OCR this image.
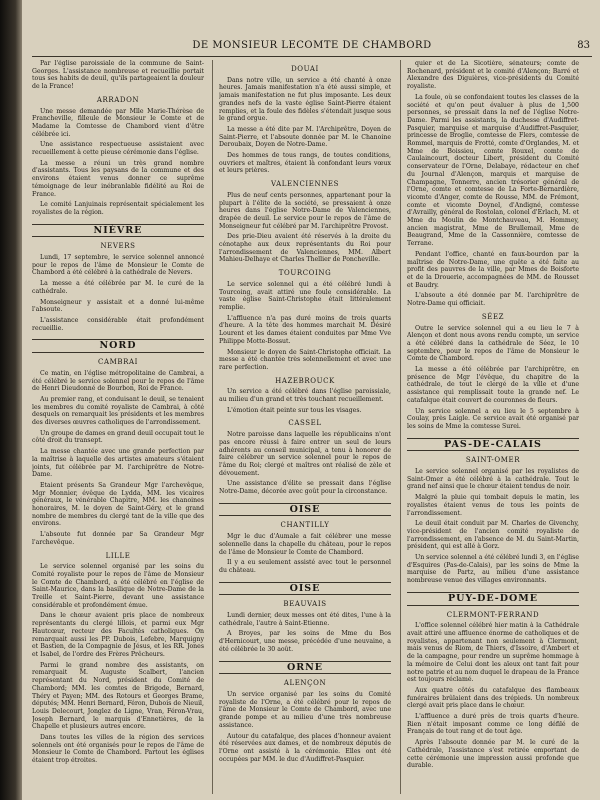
DE MONSIEUR LECOMTE DE CHAMBORD	83
Par l'église paroissiale de la commune de Saint-Georges. L'assistance nombreuse et recueillie portait tous ses habits de deuil, qu'ils partageaient la douleur de la France!
ARRADON
Une messe demandée par Mlle Marie-Thérèse de Francheville, filleule de Monsieur le Comte et de Madame la Comtesse de Chambord vient d'être célébrée ici.
Une assistance respectueuse assistaient avec recueillement à cette pieuse cérémonie dans l'église.
La messe a réuni un très grand nombre d'assistants. Tous les paysans de la commune et des environs étaient venus donner ce suprême témoignage de leur inébranlable fidélité au Roi de France.
Le comité Lanjuinais représentait spécialement les royalistes de la région.
NIÈVRE
NEVERS
Lundi, 17 septembre, le service solennel annoncé pour le repos de l'âme de Monsieur le Comte de Chambord a été célébré à la cathédrale de Nevers.
La messe a été célébrée par M. le curé de la cathédrale.
Monseigneur y assistait et a donné lui-même l'absoute.
L'assistance considérable était profondément recueillie.
NORD
CAMBRAI
Ce matin, en l'église métropolitaine de Cambrai, a été célébré le service solennel pour le repos de l'âme de Henri Dieudonné de Bourbon, Roi de France.
Au premier rang, et conduisant le deuil, se tenaient les membres du comité royaliste de Cambrai, à côté desquels on remarquait les présidents et les membres des diverses œuvres catholiques de l'arrondissement.
Un groupe de dames en grand deuil occupait tout le côté droit du transept.
La messe chantée avec une grande perfection par la maîtrise à laquelle des artistes amateurs s'étaient joints, fut célébrée par M. l'archiprêtre de Notre-Dame.
Etaient présents Sa Grandeur Mgr l'archevêque, Mgr Monnier, évêque de Lydda, MM. les vicaires généraux, le vénérable Chapitre, MM. les chanoines honoraires, M. le doyen de Saint-Géry, et le grand nombre de membres du clergé tant de la ville que des environs.
L'absoute fut donnée par Sa Grandeur Mgr l'archevêque.
LILLE
Le service solennel organisé par les soins du Comité royaliste pour le repos de l'âme de Monsieur le Comte de Chambord, a été célébré en l'église de Saint-Maurice, dans la basilique de Notre-Dame de la Treille et Saint-Pierre, devant une assistance considérable et profondément émue.
Dans le chœur avaient pris place de nombreux représentants du clergé lillois, et parmi eux Mgr Hautcœur, recteur des Facultés catholiques. On remarquait aussi les PP. Dubois, Lefebre, Marquigny et Bastien, de la Compagnie de Jésus, et les RR. Jones et Isabel, de l'ordre des Frères Prêcheurs.
Parmi le grand nombre des assistants, on remarquait M. Auguste Scalbert, l'ancien représentant du Nord, président du Comité de Chambord; MM. les comtes de Brigode, Bernard, Théry et Payen; MM. des Rotours et Georges Brame, députés; MM. Henri Bernard, Féron, Dubois de Nieuil, Louis Delecourt, Jonglez de Ligne, Vran, Féron-Vrau, Joseph Bernard, le marquis d'Ennetières, de la Chapelle et plusieurs autres encore.
Dans toutes les villes de la région des services solennels ont été organisés pour le repos de l'âme de Monsieur le Comte de Chambord. Partout les églises étaient trop étroites.
DOUAI
Dans notre ville, un service a été chanté à onze heures. Jamais manifestation n'a été aussi simple, et jamais manifestation ne fut plus imposante. Les deux grandes nefs de la vaste église Saint-Pierre étaient remplies, et la foule des fidèles s'étendait jusque sous le grand orgue.
La messe a été dite par M. l'Archiprêtre, Doyen de Saint-Pierre, et l'absoute donnée par M. le Chanoine Deroubaix, Doyen de Notre-Dame.
Des hommes de tous rangs, de toutes conditions, ouvriers et maîtres, étaient là confondant leurs vœux et leurs prières.
VALENCIENNES
Plus de neuf cents personnes, appartenant pour la plupart à l'élite de la société, se pressaient à onze heures dans l'église Notre-Dame de Valenciennes, drapée de deuil. Le service pour le repos de l'âme de Monseigneur fut célébré par M. l'archiprêtre Provost.
Des prie-Dieu avaient été réservés à la droite du cénotaphe aux deux représentants du Roi pour l'arrondissement de Valenciennes, MM. Albert Mahieu-Delhaye et Charles Thellier de Poncheville.
TOURCOING
Le service solennel qui a été célébré lundi à Tourcoing, avait attiré une foule considérable. La vaste église Saint-Christophe était littéralement remplie.
L'affluence n'a pas duré moins de trois quarts d'heure. A la tête des hommes marchait M. Désiré Lourent et les dames étaient conduites par Mme Vve Philippe Motte-Bossut.
Monsieur le doyen de Saint-Christophe officiait. La messe a été chantée très solennellement et avec une rare perfection.
HAZEBROUCK
Un service a été célébré dans l'église paroissiale, au milieu d'un grand et très touchant recueillement.
L'émotion était peinte sur tous les visages.
CASSEL
Notre paroisse dans laquelle les républicains n'ont pas encore réussi à faire entrer un seul de leurs adhérents au conseil municipal, a tenu à honorer de faire célébrer un service solennel pour le repos de l'âme du Roi; clergé et maîtres ont réalisé de zèle et dévouement.
Une assistance d'élite se pressait dans l'église Notre-Dame, décorée avec goût pour la circonstance.
OISE
CHANTILLY
Mgr le duc d'Aumale a fait célébrer une messe solennelle dans la chapelle du château, pour le repos de l'âme de Monsieur le Comte de Chambord.
Il y a eu seulement assisté avec tout le personnel du château.
OISE
BEAUVAIS
Lundi dernier, deux messes ont été dites, l'une à la cathédrale, l'autre à Saint-Etienne.
A Broyes, par les soins de Mme du Bos d'Hernicourt, une messe, précédée d'une neuvaine, a été célébrée le 30 août.
ORNE
ALENÇON
Un service organisé par les soins du Comité royaliste de l'Orne, a été célébré pour le repos de l'âme de Monsieur le Comte de Chambord, avec une grande pompe et au milieu d'une très nombreuse assistance.
Autour du catafalque, des places d'honneur avaient été réservées aux dames, et de nombreux députés de l'Orne ont assisté à la cérémonie. Elles ont été occupées par MM. le duc d'Audiffret-Pasquier.
quier et de La Sicotière, sénateurs; comte de Rochenard, président et le comité d'Alençon; Barré et Alexandre des Diguières, vice-présidents du Comité royaliste.
La foule, où se confondaient toutes les classes de la société et qu'on peut évaluer à plus de 1,500 personnes, se pressait dans la nef de l'église Notre-Dame. Parmi les assistants, la duchesse d'Audiffret-Pasquier, marquise et marquise d'Audiffret-Pasquier, princesse de Broglie, comtesse de Flers, comtesse de Rommel, marquis de Frotté, comte d'Orglandes, M. et Mme de Boissieu, comte Rouxel, comte de Caulaincourt, docteur Libert, président du Comité conservateur de l'Orne, Delabaye, rédacteur en chef du Journal d'Alençon, marquis et marquise de Champagne, Tonnerre, ancien trésorier général de l'Orne, comte et comtesse de La Forte-Bernardière, vicomte d'Anger, comte de Rousse, MM. de Frémont, comte et vicomte Doynel, d'Andigné, comtesse d'Avrailly, général de Rostolan, colonel d'Erlach, M. et Mme du Moulin de Montchauveau, M. Hommey, ancien magistrat, Mme de Brullemail, Mme de Beaugrand, Mme de la Cassonnière, comtesse de Terrane.
Pendant l'office, chanté en faux-bourdon par la maîtrise de Notre-Dame, une quête a été faite au profit des pauvres de la ville, par Mmes de Boisforte et de la Drouerie, accompagnées de MM. de Rousset et Baudry.
L'absoute a été donnée par M. l'archiprêtre de Notre-Dame qui officiait.
SÉEZ
Outre le service solennel qui a eu lieu le 7 à Alençon et dont nous avons rendu compte, un service a été célébré dans la cathédrale de Séez, le 10 septembre, pour le repos de l'âme de Monsieur le Comte de Chambord.
La messe a été célébrée par l'archiprêtre, en présence de Mgr l'évêque, du chapitre de la cathédrale, de tout le clergé de la ville et d'une assistance qui remplissait toute la grande nef. Le catafalque était couvert de couronnes de fleurs.
Un service solennel a eu lieu le 5 septembre à Coulay, près Laigle. Ce service avait été organisé par les soins de Mme la comtesse Surei.
PAS-DE-CALAIS
SAINT-OMER
Le service solennel organisé par les royalistes de Saint-Omer a été célébré à la cathédrale. Tout le grand nef ainsi que le chœur étaient tendus de noir.
Malgré la pluie qui tombait depuis le matin, les royalistes étaient venus de tous les points de l'arrondissement.
Le deuil était conduit par M. Charles de Givenchy, vice-président de l'ancien comité royaliste de l'arrondissement, en l'absence de M. du Saint-Martin, président, qui est allé à Gorz.
Un service solennel a été célébré lundi 3, en l'église d'Esquires (Pas-de-Calais), par les soins de Mme la marquise de Partz, au milieu d'une assistance nombreuse venue des villages environnants.
PUY-DE-DOME
CLERMONT-FERRAND
L'office solennel célébré hier matin à la Cathédrale avait attiré une affluence énorme de catholiques et de royalistes, appartenant non seulement à Clermont, mais venus de Riom, de Thiers, d'Issoire, d'Ambert et de la campagne, pour rendre un suprême hommage à la mémoire de Celui dont les aïeux ont tant fait pour notre patrie et au nom duquel le drapeau de la France est toujours réclamé.
Aux quatre côtés du catafalque des flambeaux funéraires brûlaient dans des trépieds. Un nombreux clergé avait pris place dans le chœur.
L'affluence a duré près de trois quarts d'heure. Rien n'était imposant comme ce long défilé de Français de tout rang et de tout âge.
Après l'absoute donnée par M. le curé de la Cathédrale, l'assistance s'est retirée emportant de cette cérémonie une impression aussi profonde que durable.
